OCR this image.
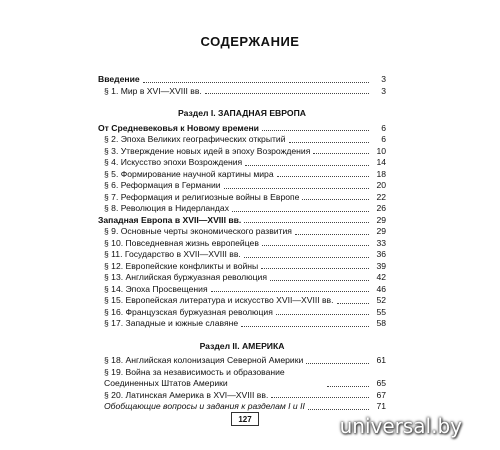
СОДЕРЖАНИЕ
Введение	3
§ 1. Мир в XVI—XVIII вв.	3
Раздел I. ЗАПАДНАЯ ЕВРОПА
От Средневековья к Новому времени	6
§ 2. Эпоха Великих географических открытий	6
§ 3. Утверждение новых идей в эпоху Возрождения	10
§ 4. Искусство эпохи Возрождения	14
§ 5. Формирование научной картины мира	18
§ 6. Реформация в Германии	20
§ 7. Реформация и религиозные войны в Европе	22
§ 8. Революция в Нидерландах	26
Западная Европа в XVII—XVIII вв.	29
§ 9. Основные черты экономического развития	29
§ 10. Повседневная жизнь европейцев	33
§ 11. Государство в XVII—XVIII вв.	36
§ 12. Европейские конфликты и войны	39
§ 13. Английская буржуазная революция	42
§ 14. Эпоха Просвещения	46
§ 15. Европейская литература и искусство XVII—XVIII вв.	52
§ 16. Французская буржуазная революция	55
§ 17. Западные и южные славяне	58
Раздел II. АМЕРИКА
§ 18. Английская колонизация Северной Америки	61
§ 19. Война за независимость и образование Соединенных Штатов Америки	65
§ 20. Латинская Америка в XVI—XVIII вв.	67
Обобщающие вопросы и задания к разделам I и II	71
127	universal.by
